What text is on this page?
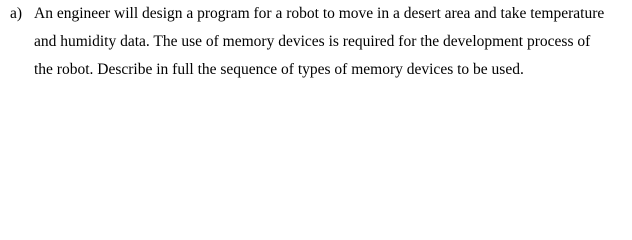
a) An engineer will design a program for a robot to move in a desert area and take temperature
and humidity data. The use of memory devices is required for the development process of
the robot. Describe in full the sequence of types of memory devices to be used.
